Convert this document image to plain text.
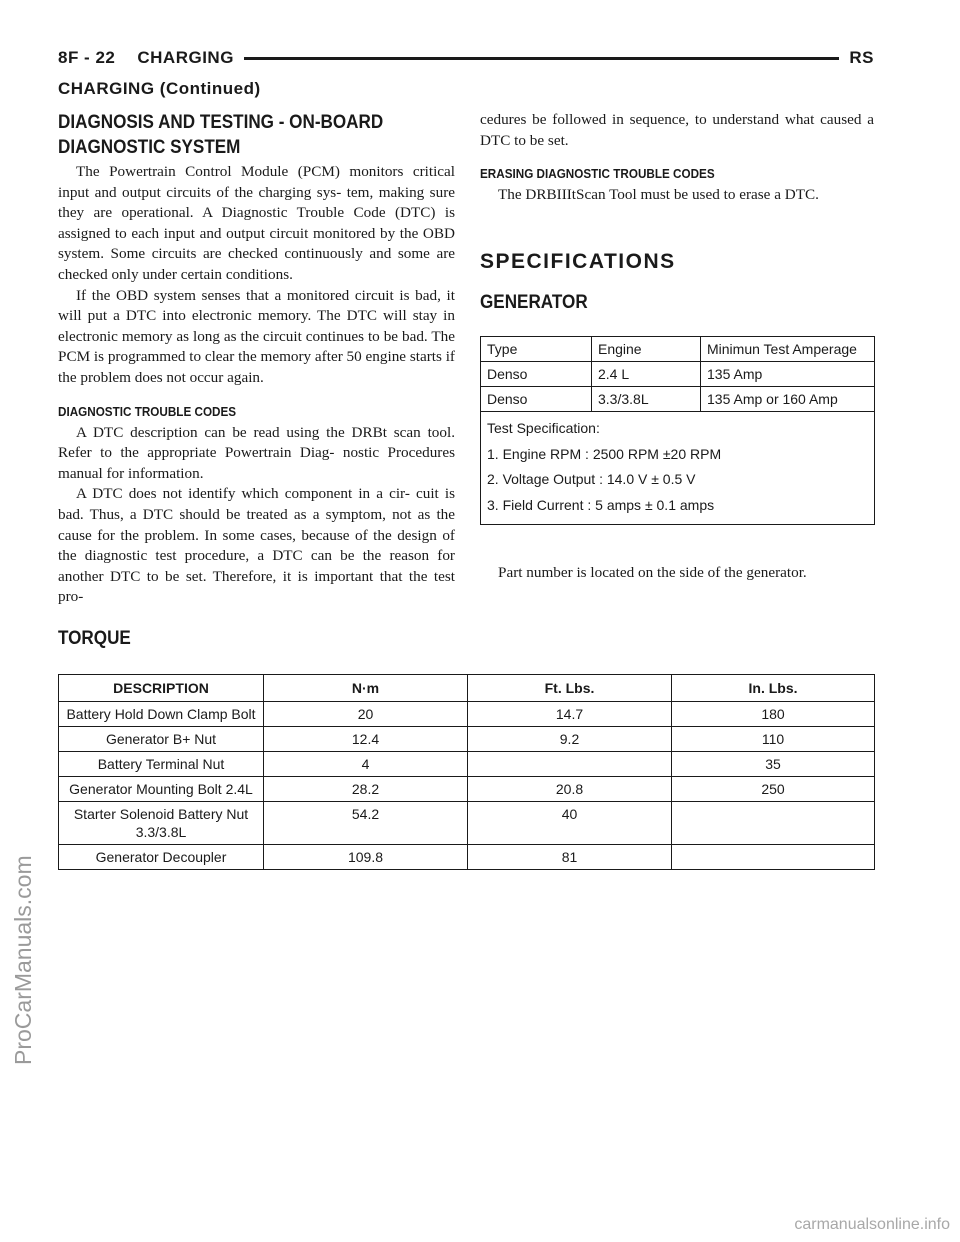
8F - 22 CHARGING	RS
CHARGING (Continued)
DIAGNOSIS AND TESTING - ON-BOARD
DIAGNOSTIC SYSTEM

The Powertrain Control Module (PCM) monitors critical input and output circuits of the charging sys- tem, making sure they are operational. A Diagnostic Trouble Code (DTC) is assigned to each input and output circuit monitored by the OBD system. Some circuits are checked continuously and some are checked only under certain conditions.

If the OBD system senses that a monitored circuit is bad, it will put a DTC into electronic memory. The DTC will stay in electronic memory as long as the circuit continues to be bad. The PCM is programmed to clear the memory after 50 engine starts if the problem does not occur again.

DIAGNOSTIC TROUBLE CODES

A DTC description can be read using the DRBt scan tool. Refer to the appropriate Powertrain Diag- nostic Procedures manual for information.

A DTC does not identify which component in a cir- cuit is bad. Thus, a DTC should be treated as a symptom, not as the cause for the problem. In some cases, because of the design of the diagnostic test procedure, a DTC can be the reason for another DTC to be set. Therefore, it is important that the test pro-

cedures be followed in sequence, to understand what caused a DTC to be set.

ERASING DIAGNOSTIC TROUBLE CODES

The DRBIIItScan Tool must be used to erase a DTC.

SPECIFICATIONS
GENERATOR
Type	Engine	Minimun Test Amperage
Denso	2.4 L	135 Amp
Denso	3.3/3.8L	135 Amp or 160 Amp

Test Specification:
1. Engine RPM : 2500 RPM ±20 RPM
2. Voltage Output : 14.0 V ± 0.5 V
3. Field Current : 5 amps ± 0.1 amps		
Part number is located on the side of the generator.
TORQUE
DESCRIPTION	N·m	Ft. Lbs.	In. Lbs.
Battery Hold Down Clamp Bolt	20	14.7	180
Generator B+ Nut	12.4	9.2	110
Battery Terminal Nut	4		35
Generator Mounting Bolt 2.4L	28.2	20.8	250
Starter Solenoid Battery Nut 3.3/3.8L	54.2	40	
Generator Decoupler	109.8	81	
ProCarManuals.com
carmanualsonline.info
